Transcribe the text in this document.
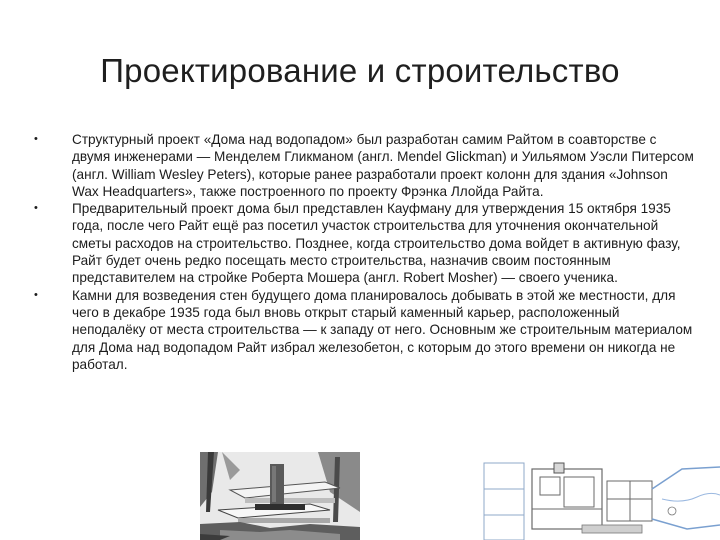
Проектирование и строительство
•	Структурный проект «Дома над водопадом» был разработан самим Райтом в соавторстве с двумя инженерами — Менделем Гликманом (англ. Mendel Glickman) и Уильямом Уэсли Питерсом (англ. William Wesley Peters), которые ранее разработали проект колонн для здания «Johnson Wax Headquarters», также построенного по проекту Фрэнка Ллойда Райта.
•	Предварительный проект дома был представлен Кауфману для утверждения 15 октября 1935 года, после чего Райт ещё раз посетил участок строительства для уточнения окончательной сметы расходов на строительство. Позднее, когда строительство дома войдет в активную фазу, Райт будет очень редко посещать место строительства, назначив своим постоянным представителем на стройке Роберта Мошера (англ. Robert Mosher) — своего ученика.
•	Камни для возведения стен будущего дома планировалось добывать в этой же местности, для чего в декабре 1935 года был вновь открыт старый каменный карьер, расположенный неподалёку от места строительства — к западу от него. Основным же строительным материалом для Дома над водопадом Райт избрал железобетон, с которым до этого времени он никогда не работал.
